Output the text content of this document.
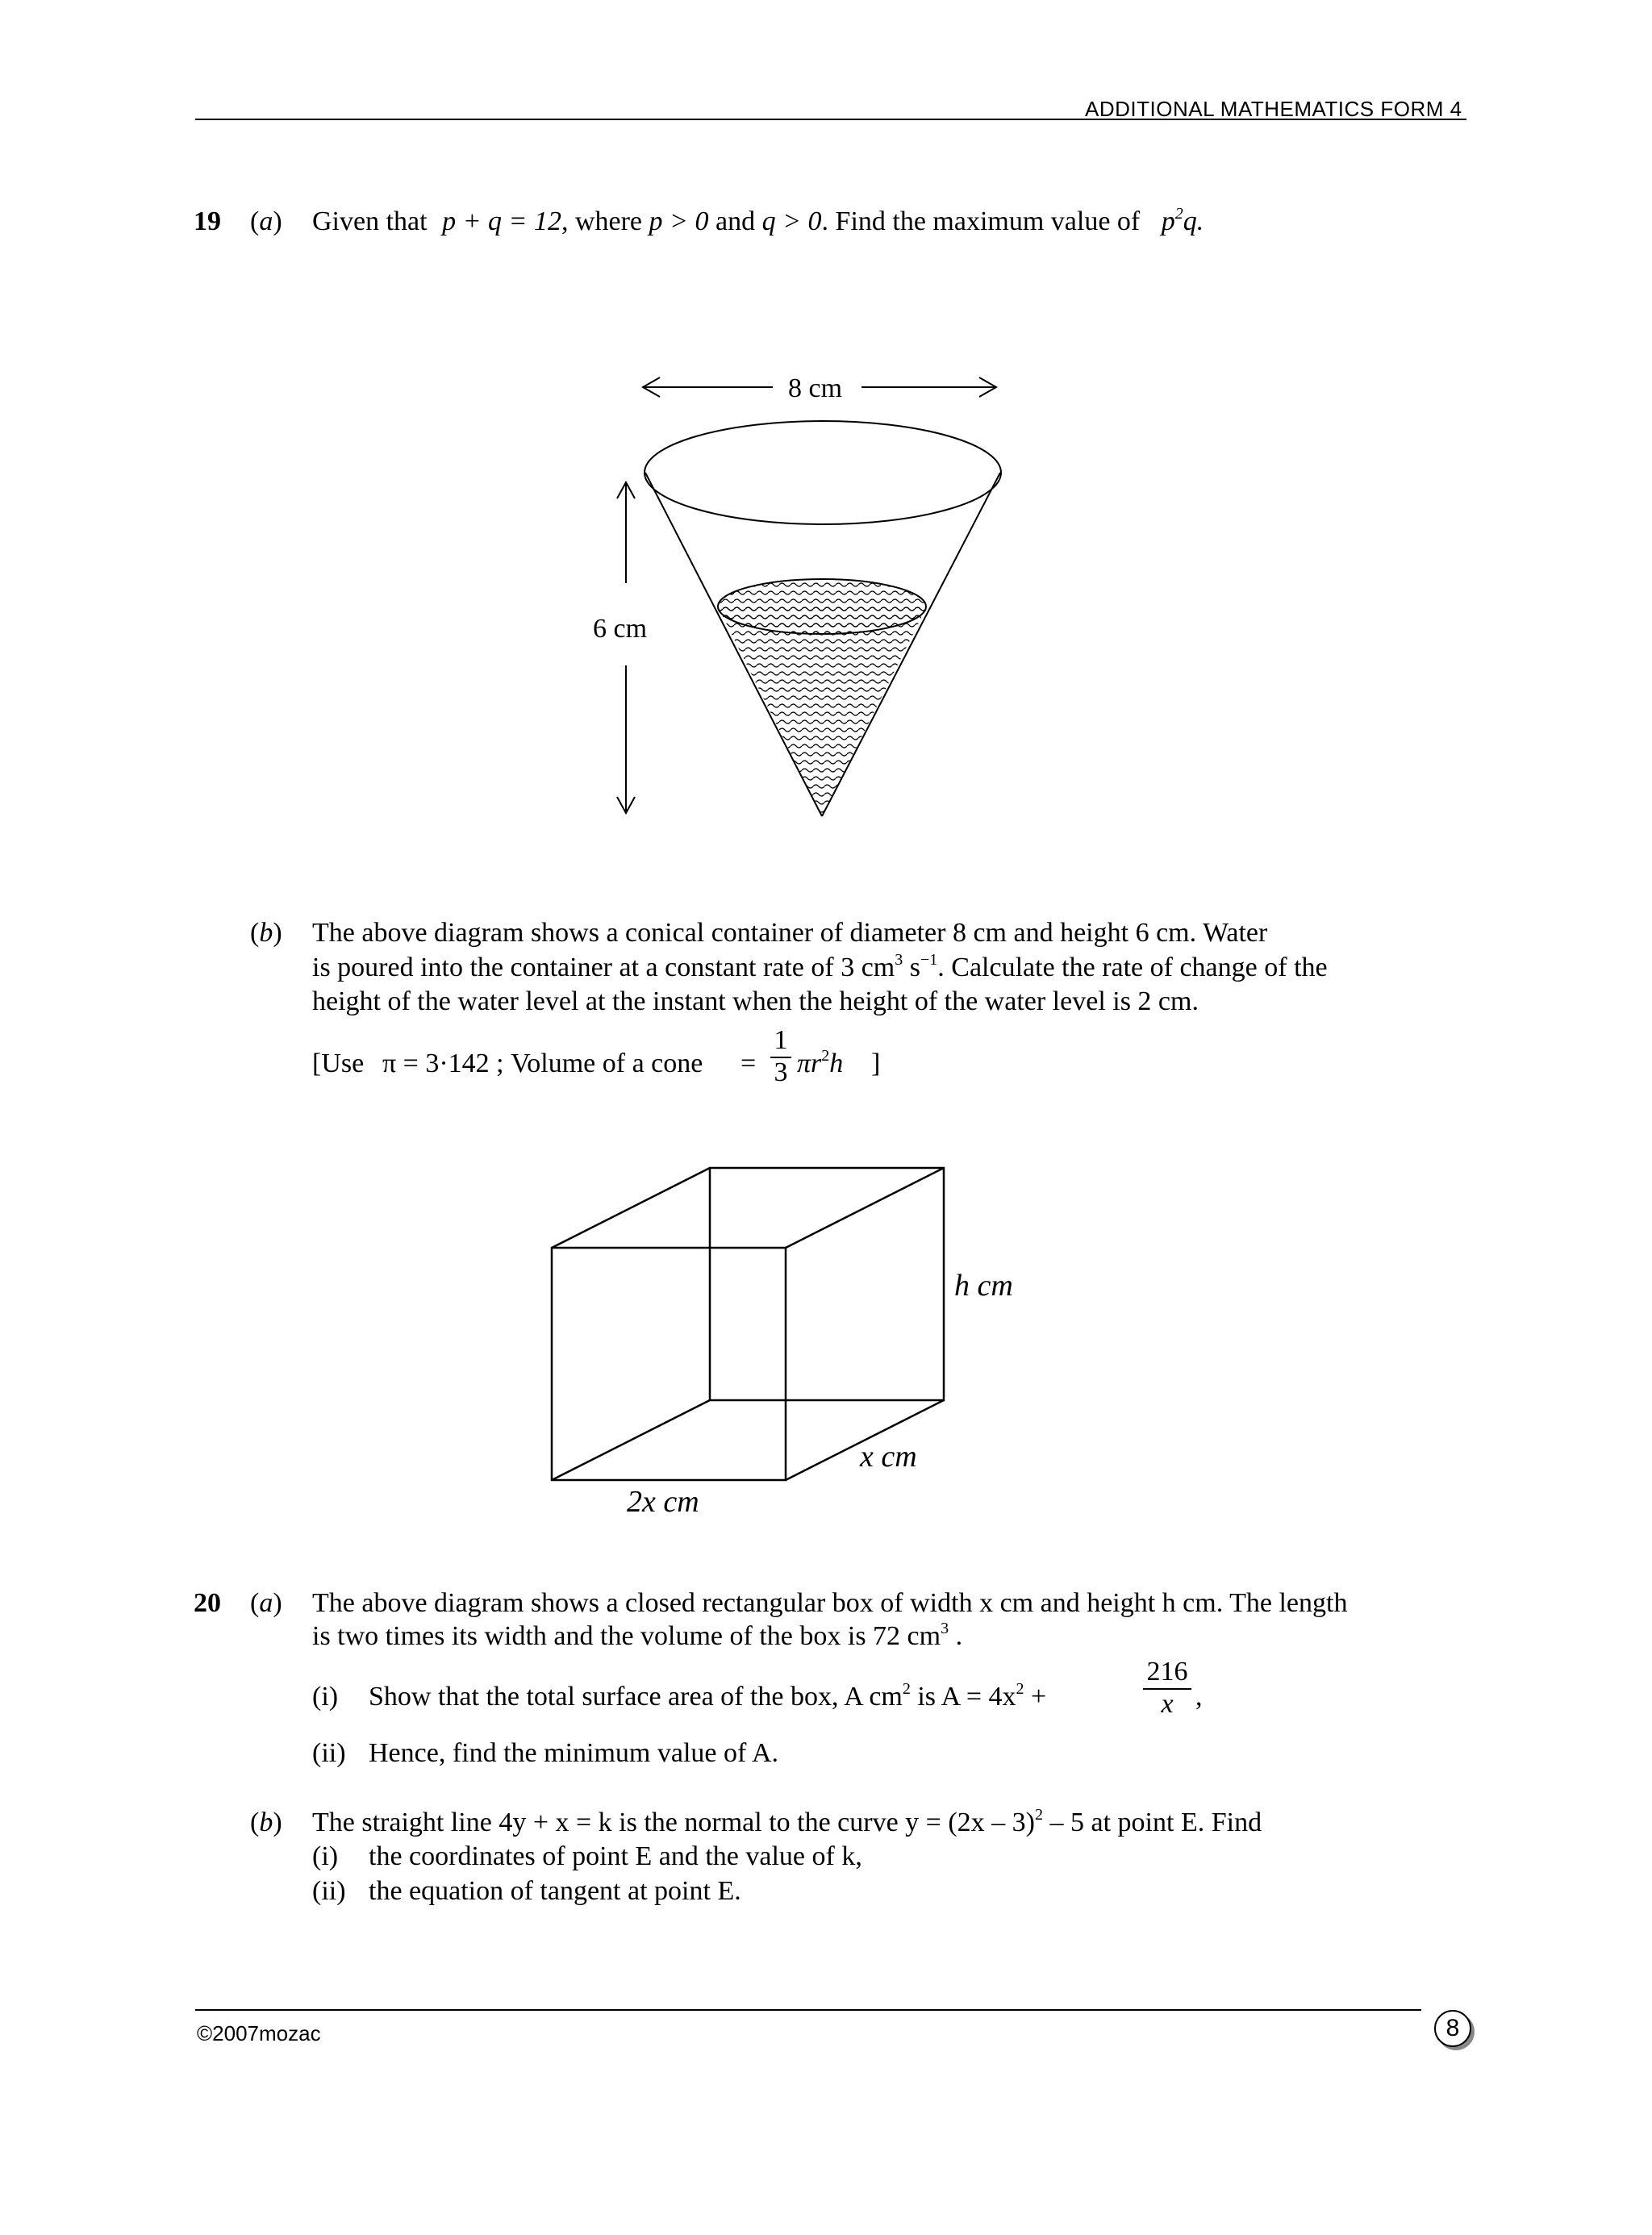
ADDITIONAL MATHEMATICS FORM 4
19 (a) Given that p + q = 12, where p > 0 and q > 0. Find the maximum value of $p^2q$.
8 cm
6 cm
(b) The above diagram shows a conical container of diameter 8 cm and height 6 cm. Water
is poured into the container at a constant rate of 3 $cm^3$ $s^{-1}$. Calculate the rate of change of the
height of the water level at the instant when the height of the water level is 2 cm.
[Use π = 3·142 ; Volume of a cone =
1
3 $\pi r^2h$ ]
h cm
x cm
2x cm
20 (a) The above diagram shows a closed rectangular box of width x cm and height h cm. The length
is two times its width and the volume of the box is 72 $cm^3$ .
(i) Show that the total surface area of the box, A $cm^2$ is $A = 4x^2$ +
216
x ,
(ii) Hence, find the minimum value of A.
(b) The straight line 4y + x = k is the normal to the curve y = (2x – 3)$^2$ – 5 at point E. Find
(i) the coordinates of point E and the value of k,
(ii) the equation of tangent at point E.
©2007mozac	8
